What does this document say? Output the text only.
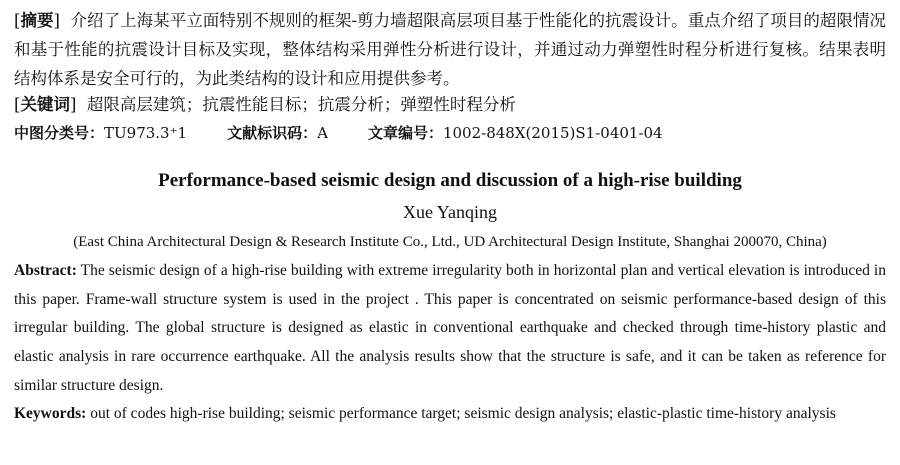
[摘要] 介绍了上海某平立面特别不规则的框架-剪力墙超限高层项目基于性能化的抗震设计。重点介绍了项目的超限情况和基于性能的抗震设计目标及实现，整体结构采用弹性分析进行设计，并通过动力弹塑性时程分析进行复核。结果表明结构体系是安全可行的，为此类结构的设计和应用提供参考。
[关键词] 超限高层建筑；抗震性能目标；抗震分析；弹塑性时程分析
中图分类号：TU973.3⁺1	文献标识码：A	文章编号：1002-848X(2015)S1-0401-04
Performance-based seismic design and discussion of a high-rise building
Xue Yanqing
(East China Architectural Design & Research Institute Co., Ltd., UD Architectural Design Institute, Shanghai 200070, China)
Abstract: The seismic design of a high-rise building with extreme irregularity both in horizontal plan and vertical elevation is introduced in this paper. Frame-wall structure system is used in the project . This paper is concentrated on seismic performance-based design of this irregular building. The global structure is designed as elastic in conventional earthquake and checked through time-history plastic and elastic analysis in rare occurrence earthquake. All the analysis results show that the structure is safe, and it can be taken as reference for similar structure design.
Keywords: out of codes high-rise building; seismic performance target; seismic design analysis; elastic-plastic time-history analysis
